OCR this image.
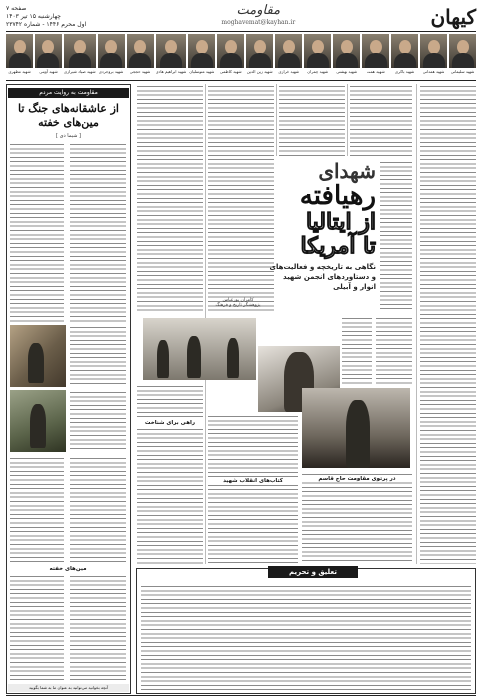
کیهان
مقاومت
moghavemat@kayhan.ir
صفحه ۷
چهارشنبه ۱۵ تیر ۱۴۰۳
اول محرم ۱۴۴۶ - شماره ۲۳۷۴۲
شهید سلیمانی
شهید همدانی
شهید باکری
شهید همت
شهید بهشتی
شهید چمران
شهید خرازی
شهید زین الدین
شهید کاظمی
شهید متوسلیان
شهید ابراهیم هادی
شهید حججی
شهید بروجردی
شهید صیاد شیرازی
شهید آوینی
شهید مطهری
مقاومت به روایت مردم
از عاشقانه‌های جنگ تا مین‌های خفته
[ شیما دی ]
مین‌های خفته
آنچه بخوانید می‌توانید به عنوان ما به شما بگویید
شهدای
رهیافته
از ایتالیا
تا آمریکا
نگاهی به تاریخچه و فعالیت‌های و دستاوردهای انجمن شهید انوار و آبیلی
کامران پورعباس
پژوهشگر تاریخ و فرهنگ
راهی برای شناخت
کتاب‌های انقلاب شهید	در پرتوی مقاومت حاج قاسم
تعلیق و تحریم
